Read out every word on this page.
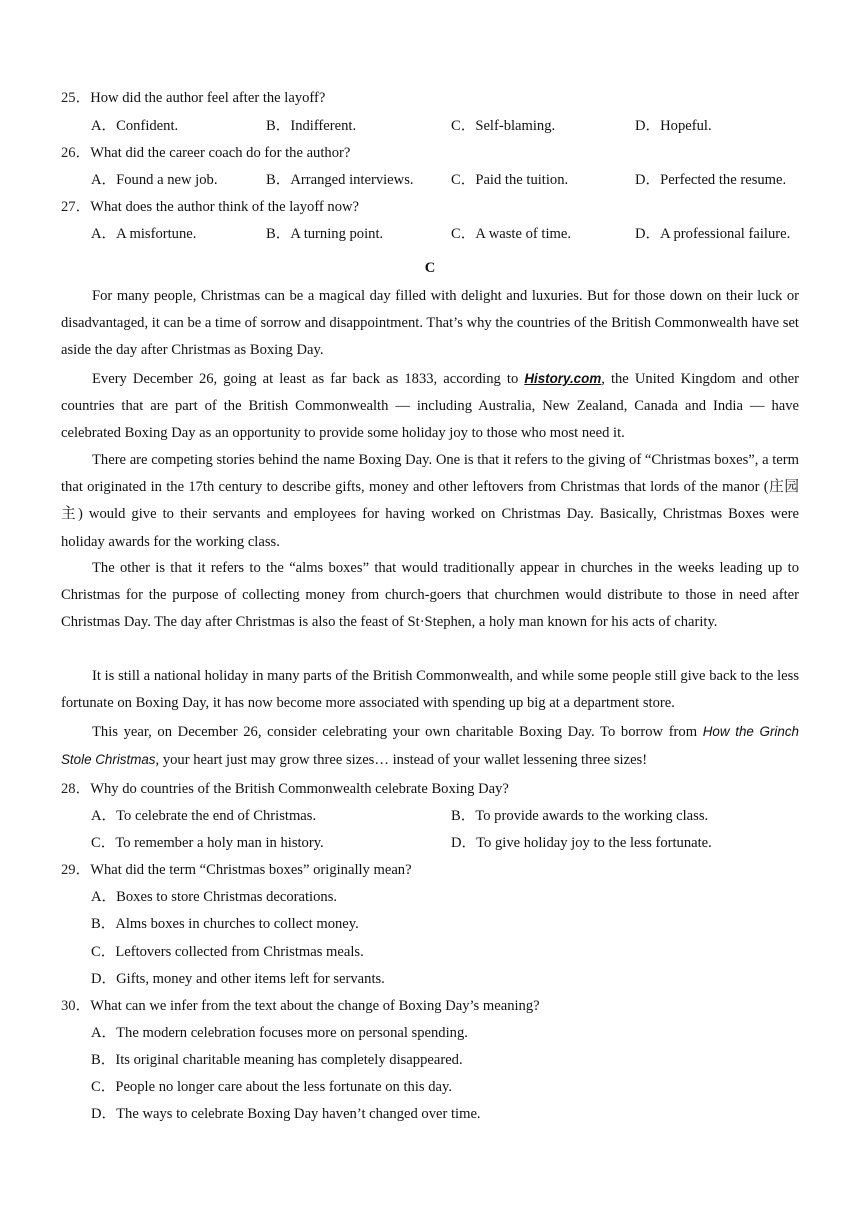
25．How did the author feel after the layoff?
A．Confident.	B．Indifferent.	C．Self-blaming.	D．Hopeful.
26．What did the career coach do for the author?
A．Found a new job.	B．Arranged interviews.	C．Paid the tuition.	D．Perfected the resume.
27．What does the author think of the layoff now?
A．A misfortune.	B．A turning point.	C．A waste of time.	D．A professional failure.
C
For many people, Christmas can be a magical day filled with delight and luxuries. But for those down on their luck or disadvantaged, it can be a time of sorrow and disappointment. That’s why the countries of the British Commonwealth have set aside the day after Christmas as Boxing Day.
Every December 26, going at least as far back as 1833, according to History.com, the United Kingdom and other countries that are part of the British Commonwealth — including Australia, New Zealand, Canada and India — have celebrated Boxing Day as an opportunity to provide some holiday joy to those who most need it.
There are competing stories behind the name Boxing Day. One is that it refers to the giving of “Christmas boxes”, a term that originated in the 17th century to describe gifts, money and other leftovers from Christmas that lords of the manor (庄园主) would give to their servants and employees for having worked on Christmas Day. Basically, Christmas Boxes were holiday awards for the working class.
The other is that it refers to the “alms boxes” that would traditionally appear in churches in the weeks leading up to Christmas for the purpose of collecting money from church-goers that churchmen would distribute to those in need after Christmas Day. The day after Christmas is also the feast of St·Stephen, a holy man known for his acts of charity.
It is still a national holiday in many parts of the British Commonwealth, and while some people still give back to the less fortunate on Boxing Day, it has now become more associated with spending up big at a department store.
This year, on December 26, consider celebrating your own charitable Boxing Day. To borrow from How the Grinch Stole Christmas, your heart just may grow three sizes… instead of your wallet lessening three sizes!
28．Why do countries of the British Commonwealth celebrate Boxing Day?
A．To celebrate the end of Christmas.	B．To provide awards to the working class.
C．To remember a holy man in history.	D．To give holiday joy to the less fortunate.
29．What did the term “Christmas boxes” originally mean?
A．Boxes to store Christmas decorations.
B．Alms boxes in churches to collect money.
C．Leftovers collected from Christmas meals.
D．Gifts, money and other items left for servants.
30．What can we infer from the text about the change of Boxing Day’s meaning?
A．The modern celebration focuses more on personal spending.
B．Its original charitable meaning has completely disappeared.
C．People no longer care about the less fortunate on this day.
D．The ways to celebrate Boxing Day haven’t changed over time.
